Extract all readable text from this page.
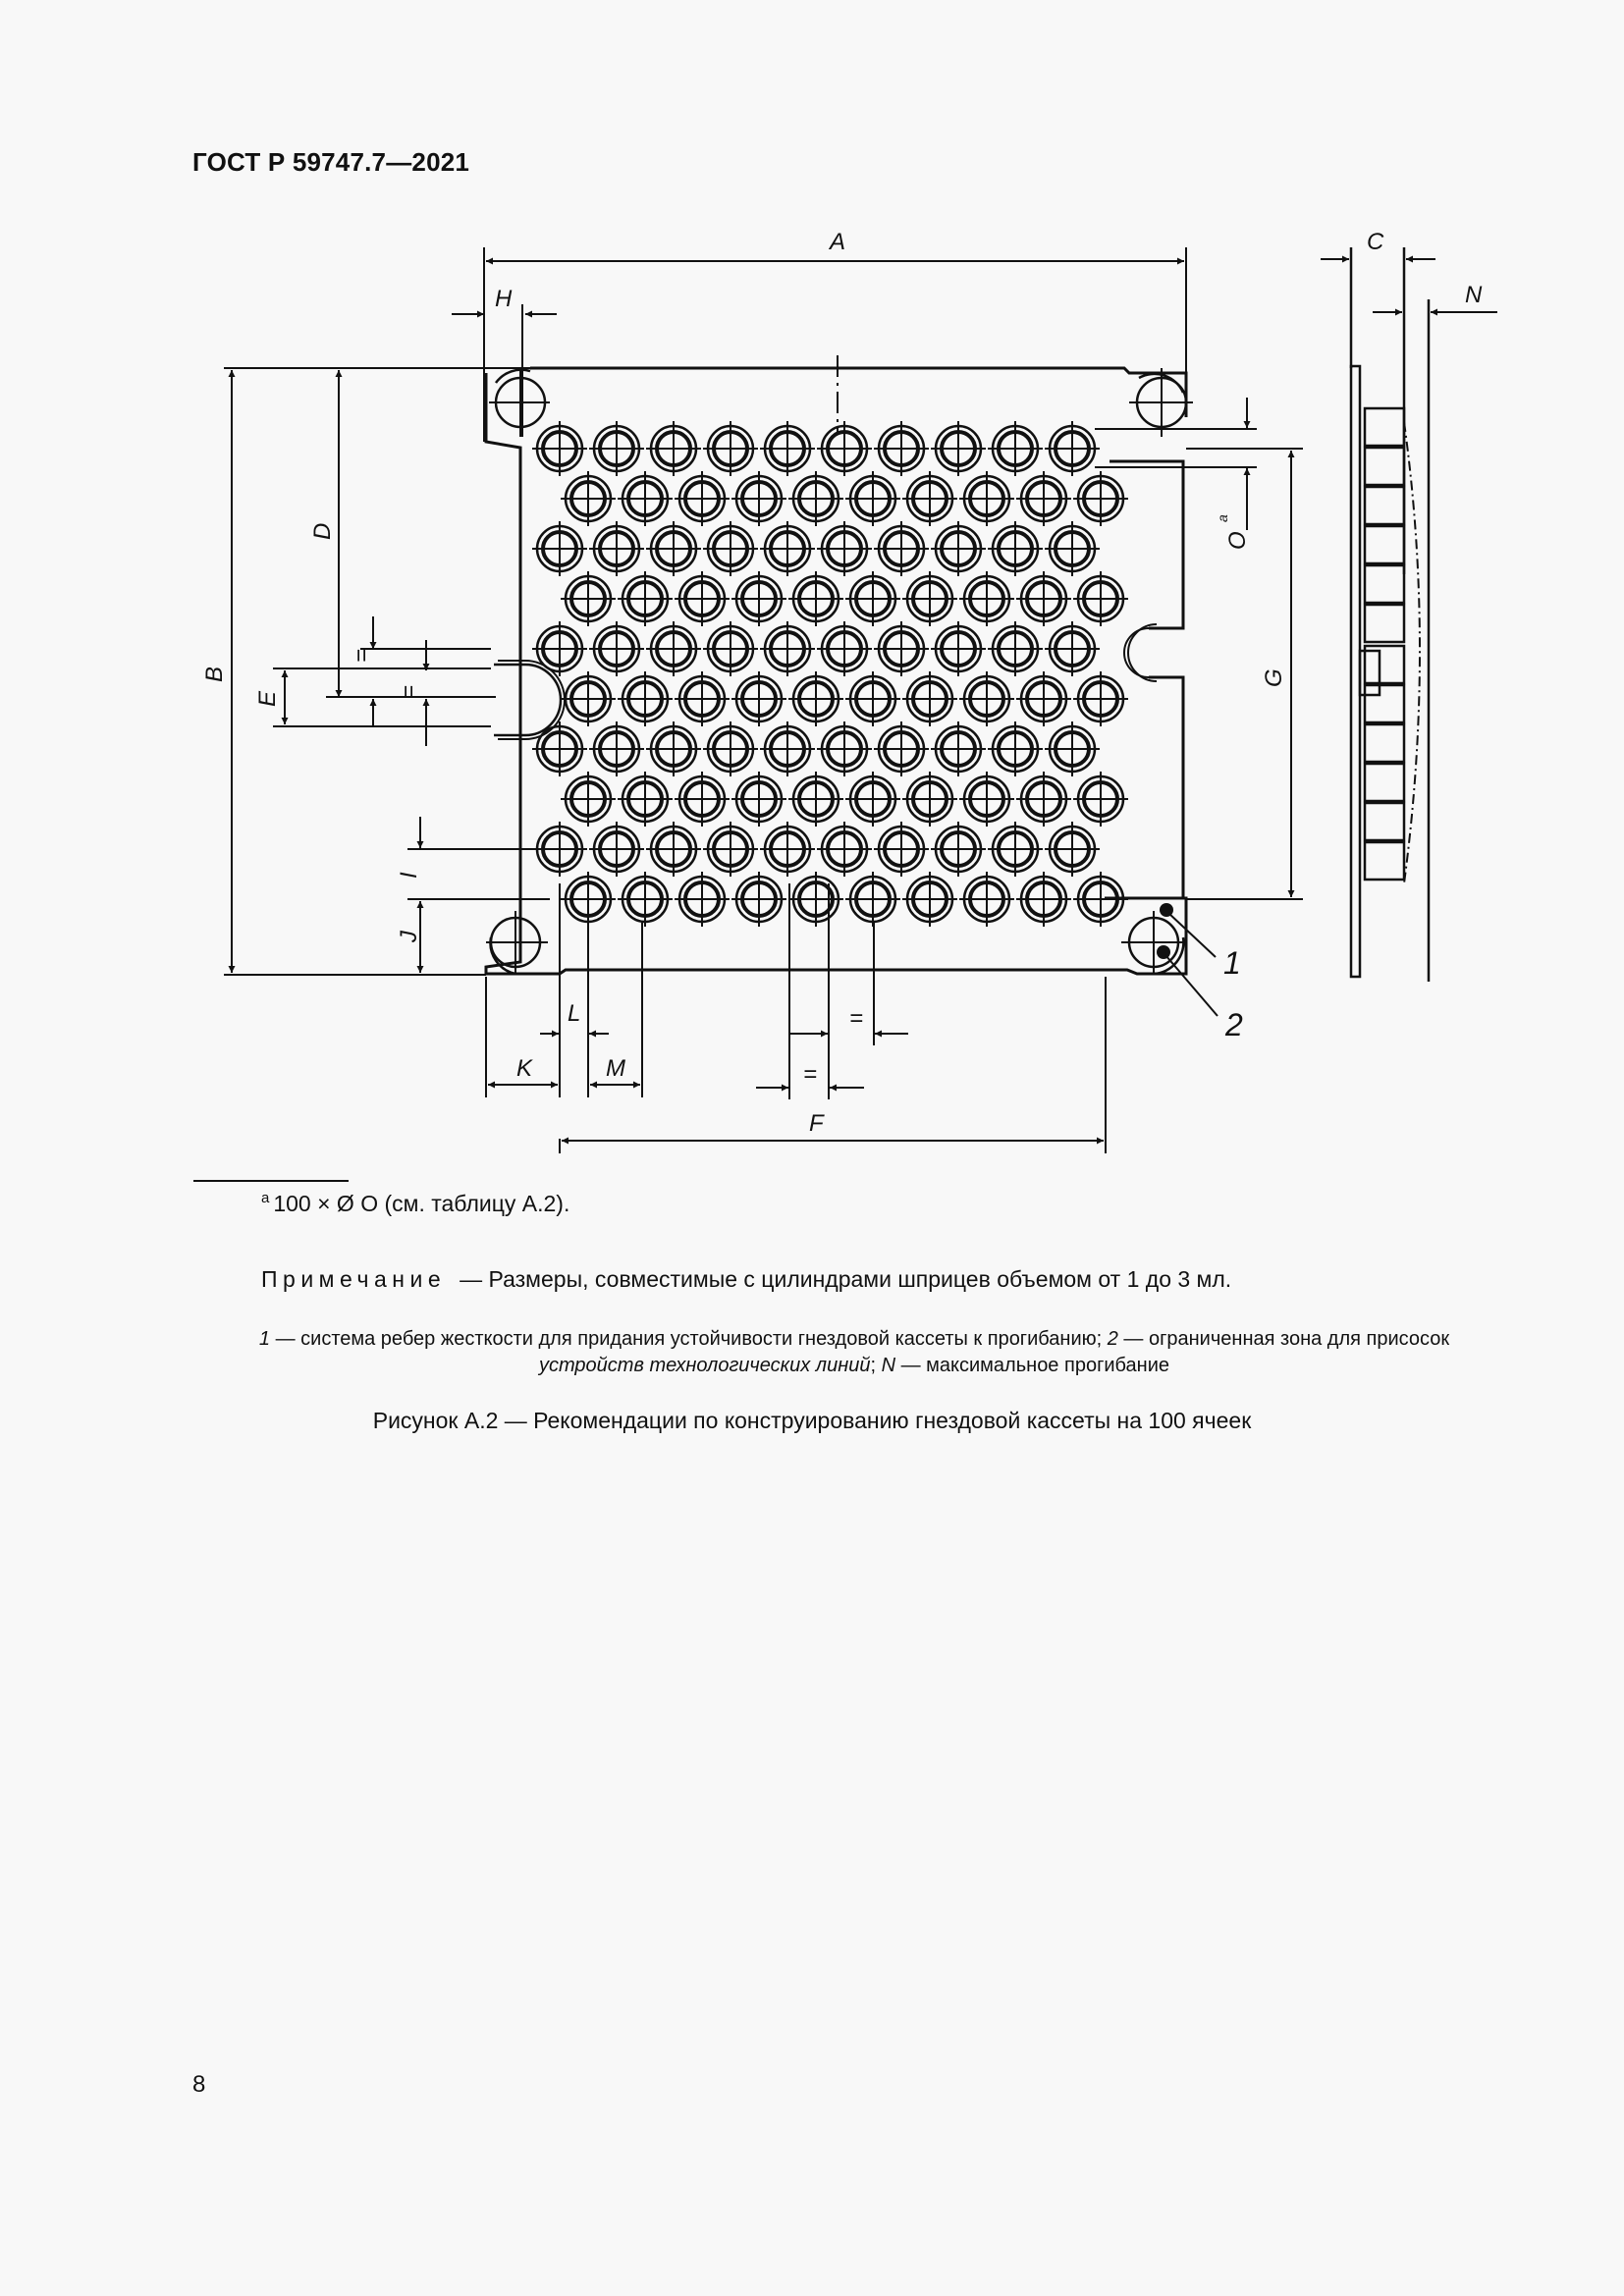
ГОСТ Р 59747.7—2021
A
H
C
N
B
D
E
=
=
G
O
a
I
J
L
K	M
=
=
F
1
2
$^a$ 100 × Ø O (см. таблицу А.2).
Примечание — Размеры, совместимые с цилиндрами шприцев объемом от 1 до 3 мл.
1 — система ребер жесткости для придания устойчивости гнездовой кассеты к прогибанию; 2 — ограниченная зона для присосок
устройств технологических линий; N — максимальное прогибание
Рисунок А.2 — Рекомендации по конструированию гнездовой кассеты на 100 ячеек
8
